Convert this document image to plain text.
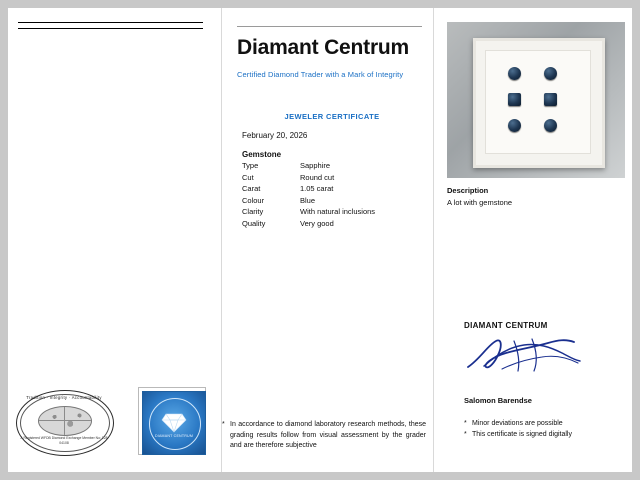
Tradition · Integrity · Accountability
A Registered WFDB Diamond Exchange Member No: 128 04108
DIAMANT CENTRUM
* In accordance to diamond laboratory research methods, these grading results follow from visual assessment by the grader and are therefore subjective
Diamant Centrum
Certified Diamond Trader with a Mark of Integrity
JEWELER CERTIFICATE
February 20, 2026
Gemstone
Type	Sapphire
Cut	Round cut
Carat	1.05 carat
Colour	Blue
Clarity	With natural inclusions
Quality	Very good
Description
A lot with gemstone
DIAMANT CENTRUM
Salomon Barendse
* Minor deviations are possible
* This certificate is signed digitally
